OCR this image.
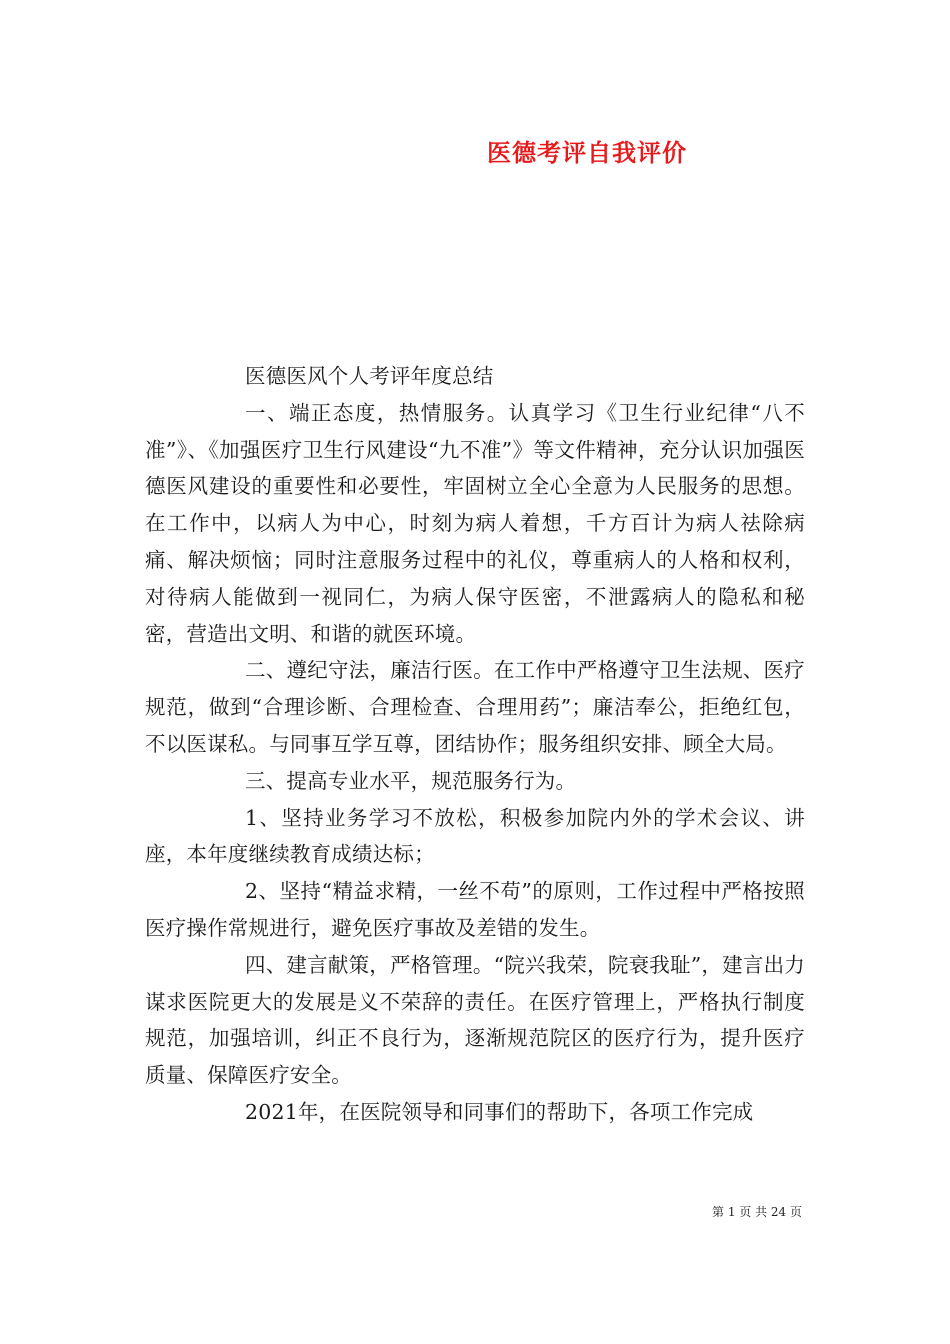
医德考评自我评价

医德医风个人考评年度总结

一、端正态度，热情服务。认真学习《卫生行业纪律“八不准”》、《加强医疗卫生行风建设“九不准”》等文件精神，充分认识加强医德医风建设的重要性和必要性，牢固树立全心全意为人民服务的思想。在工作中，以病人为中心，时刻为病人着想，千方百计为病人祛除病痛、解决烦恼；同时注意服务过程中的礼仪，尊重病人的人格和权利，对待病人能做到一视同仁，为病人保守医密，不泄露病人的隐私和秘密，营造出文明、和谐的就医环境。

二、遵纪守法，廉洁行医。在工作中严格遵守卫生法规、医疗规范，做到“合理诊断、合理检查、合理用药”；廉洁奉公，拒绝红包，不以医谋私。与同事互学互尊，团结协作；服务组织安排、顾全大局。

三、提高专业水平，规范服务行为。

1、坚持业务学习不放松，积极参加院内外的学术会议、讲座，本年度继续教育成绩达标；

2、坚持“精益求精，一丝不苟”的原则，工作过程中严格按照医疗操作常规进行，避免医疗事故及差错的发生。

四、建言献策，严格管理。“院兴我荣，院衰我耻”，建言出力谋求医院更大的发展是义不荣辞的责任。在医疗管理上，严格执行制度规范，加强培训，纠正不良行为，逐渐规范院区的医疗行为，提升医疗质量、保障医疗安全。

2021年，在医院领导和同事们的帮助下，各项工作完成

第 1 页 共 24 页
